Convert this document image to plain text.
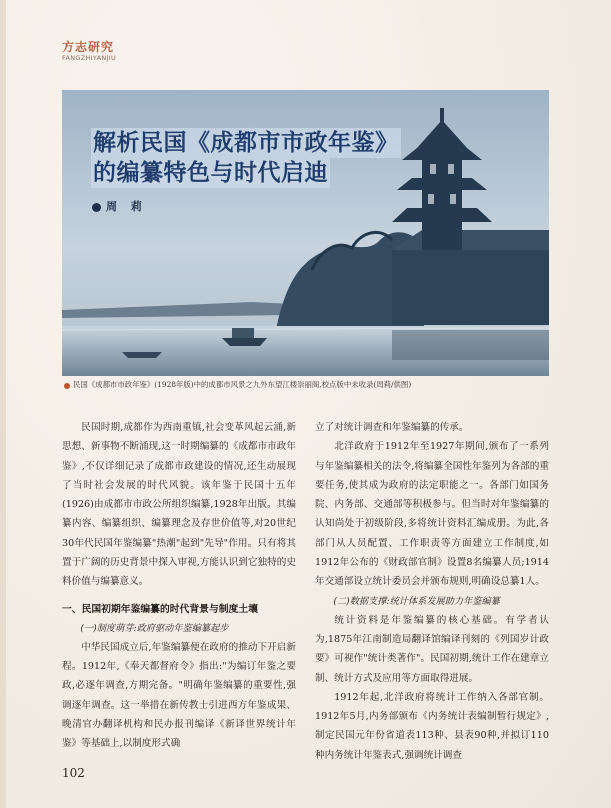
方志研究
FANGZHIYANJIU
解析民国《成都市市政年鉴》
的编纂特色与时代启迪
周 莉
民国《成都市市政年鉴》(1928年版)中的成都市风景之九外东望江楼崇丽阁,校点版中未收录(周莉/供图)

民国时期,成都作为西南重镇,社会变革风起云涌,新思想、新事物不断涌现,这一时期编纂的《成都市市政年鉴》,不仅详细记录了成都市政建设的情况,还生动展现了当时社会发展的时代风貌。该年鉴于民国十五年(1926)由成都市市政公所组织编纂,1928年出版。其编纂内容、编纂组织、编纂理念及存世价值等,对20世纪30年代民国年鉴编纂"热潮"起到"先导"作用。只有将其置于广阔的历史背景中探入审视,方能认识到它独特的史料价值与编纂意义。

一、民国初期年鉴编纂的时代背景与制度土壤

(一)制度萌芽:政府驱动年鉴编纂起步

中华民国成立后,年鉴编纂便在政府的推动下开启新程。1912年,《奉天都督府令》指出:"为编订年鉴之要政,必逐年调查,方期完备。"明确年鉴编纂的重要性,强调逐年调查。这一举措在新传教士引进西方年鉴成果、晚清官办翻译机构和民办报刊编译《新译世界统计年鉴》等基础上,以制度形式确

立了对统计调查和年鉴编纂的传承。

北洋政府于1912年至1927年期间,颁布了一系列与年鉴编纂相关的法令,将编纂全国性年鉴列为各部的重要任务,使其成为政府的法定职能之一。各部门如国务院、内务部、交通部等积极参与。但当时对年鉴编纂的认知尚处于初级阶段,多将统计资料汇编成册。为此,各部门从人员配置、工作职责等方面建立工作制度,如1912年公布的《财政部官制》设置8名编纂人员;1914年交通部设立统计委员会并颁布规则,明确设总纂1人。

(二)数据支撑:统计体系发展助力年鉴编纂

统计资料是年鉴编纂的核心基础。有学者认为,1875年江南制造局翻译馆编译刊刻的《列国岁计政要》可视作"统计类著作"。民国初期,统计工作在建章立制、统计方式及应用等方面取得进展。

1912年起,北洋政府将统计工作纳入各部官制。1912年5月,内务部颁布《内务统计表编制暂行规定》,制定民国元年份省道表113种、县表90种,并拟订110种内务统计年鉴表式,强调统计调查

102
